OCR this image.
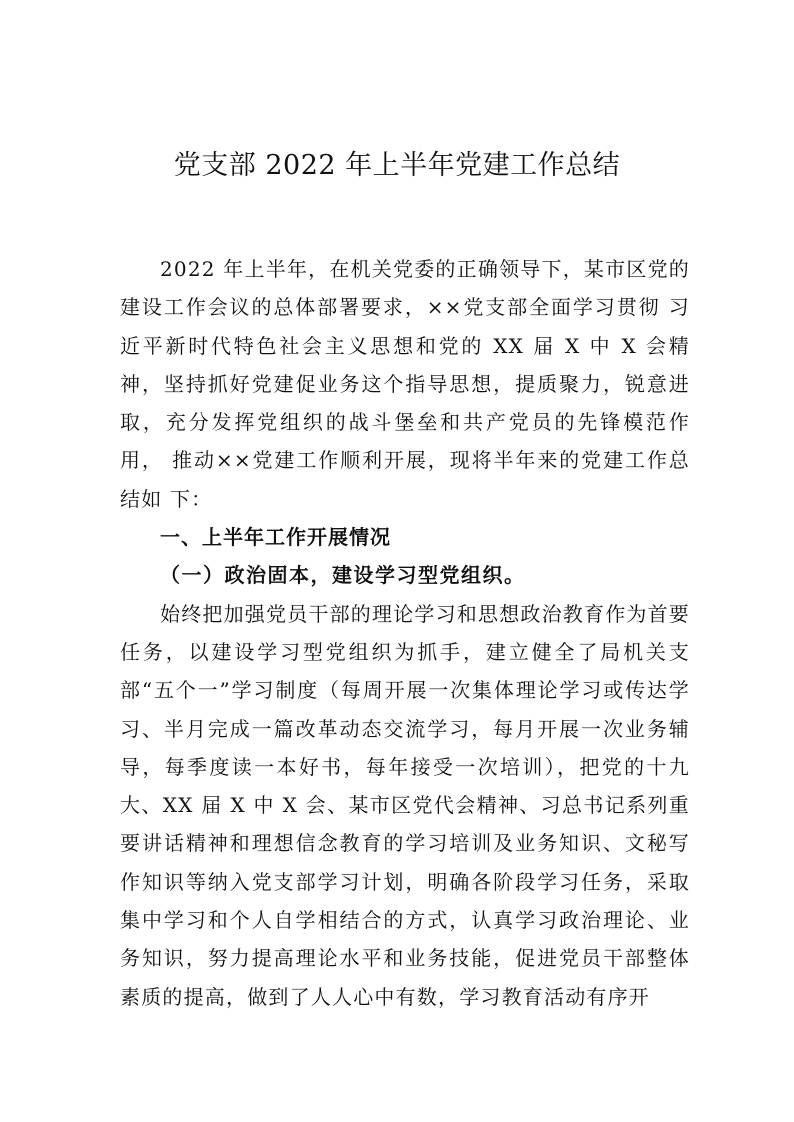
党支部 2022 年上半年党建工作总结

2022 年上半年，在机关党委的正确领导下，某市区党的建设工作会议的总体部署要求，××党支部全面学习贯彻 习近平新时代特色社会主义思想和党的 XX 届 X 中 X 会精 神，坚持抓好党建促业务这个指导思想，提质聚力，锐意进 取，充分发挥党组织的战斗堡垒和共产党员的先锋模范作用， 推动××党建工作顺利开展，现将半年来的党建工作总结如 下：

一、上半年工作开展情况

（一）政治固本，建设学习型党组织。

始终把加强党员干部的理论学习和思想政治教育作为首要任务，以建设学习型党组织为抓手，建立健全了局机关支部“五个一”学习制度（每周开展一次集体理论学习或传达学习、半月完成一篇改革动态交流学习，每月开展一次业务辅导，每季度读一本好书，每年接受一次培训），把党的十九大、XX 届 X 中 X 会、某市区党代会精神、习总书记系列重要讲话精神和理想信念教育的学习培训及业务知识、文秘写作知识等纳入党支部学习计划，明确各阶段学习任务，采取集中学习和个人自学相结合的方式，认真学习政治理论、业务知识，努力提高理论水平和业务技能，促进党员干部整体素质的提高，做到了人人心中有数，学习教育活动有序开
